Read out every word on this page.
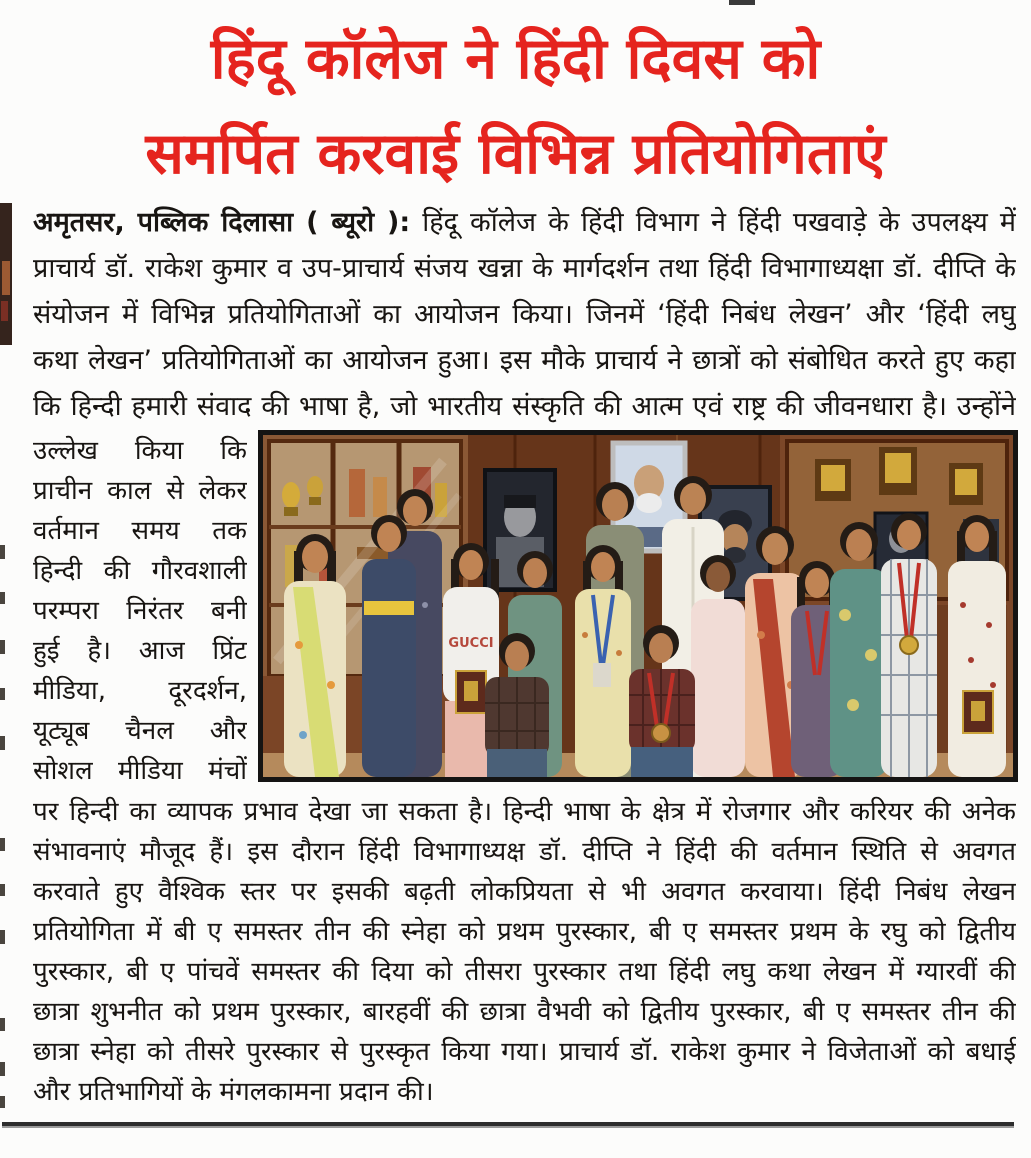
हिंदू कॉलेज ने हिंदी दिवस को
समर्पित करवाई विभिन्न प्रतियोगिताएं
अमृतसर, पब्लिक दिलासा ( ब्यूरो ): हिंदू कॉलेज के हिंदी विभाग ने हिंदी पखवाड़े के उपलक्ष्य में
प्राचार्य डॉ. राकेश कुमार व उप-प्राचार्य संजय खन्ना के मार्गदर्शन तथा हिंदी विभागाध्यक्षा डॉ. दीप्ति के
संयोजन में विभिन्न प्रतियोगिताओं का आयोजन किया। जिनमें ‘हिंदी निबंध लेखन’ और ‘हिंदी लघु
कथा लेखन’ प्रतियोगिताओं का आयोजन हुआ। इस मौके प्राचार्य ने छात्रों को संबोधित करते हुए कहा
कि हिन्दी हमारी संवाद की भाषा है, जो भारतीय संस्कृति की आत्म एवं राष्ट्र की जीवनधारा है। उन्होंने
उल्लेख किया कि
प्राचीन काल से लेकर
वर्तमान समय तक
हिन्दी की गौरवशाली
परम्परा निरंतर बनी
हुई है। आज प्रिंट
मीडिया, दूरदर्शन,
यूट्यूब चैनल और
सोशल मीडिया मंचों
GUCCI
पर हिन्दी का व्यापक प्रभाव देखा जा सकता है। हिन्दी भाषा के क्षेत्र में रोजगार और करियर की अनेक
संभावनाएं मौजूद हैं। इस दौरान हिंदी विभागाध्यक्ष डॉ. दीप्ति ने हिंदी की वर्तमान स्थिति से अवगत
करवाते हुए वैश्विक स्तर पर इसकी बढ़ती लोकप्रियता से भी अवगत करवाया। हिंदी निबंध लेखन
प्रतियोगिता में बी ए समस्तर तीन की स्नेहा को प्रथम पुरस्कार, बी ए समस्तर प्रथम के रघु को द्वितीय
पुरस्कार, बी ए पांचवें समस्तर की दिया को तीसरा पुरस्कार तथा हिंदी लघु कथा लेखन में ग्यारवीं की
छात्रा शुभनीत को प्रथम पुरस्कार, बारहवीं की छात्रा वैभवी को द्वितीय पुरस्कार, बी ए समस्तर तीन की
छात्रा स्नेहा को तीसरे पुरस्कार से पुरस्कृत किया गया। प्राचार्य डॉ. राकेश कुमार ने विजेताओं को बधाई
और प्रतिभागियों के मंगलकामना प्रदान की।
